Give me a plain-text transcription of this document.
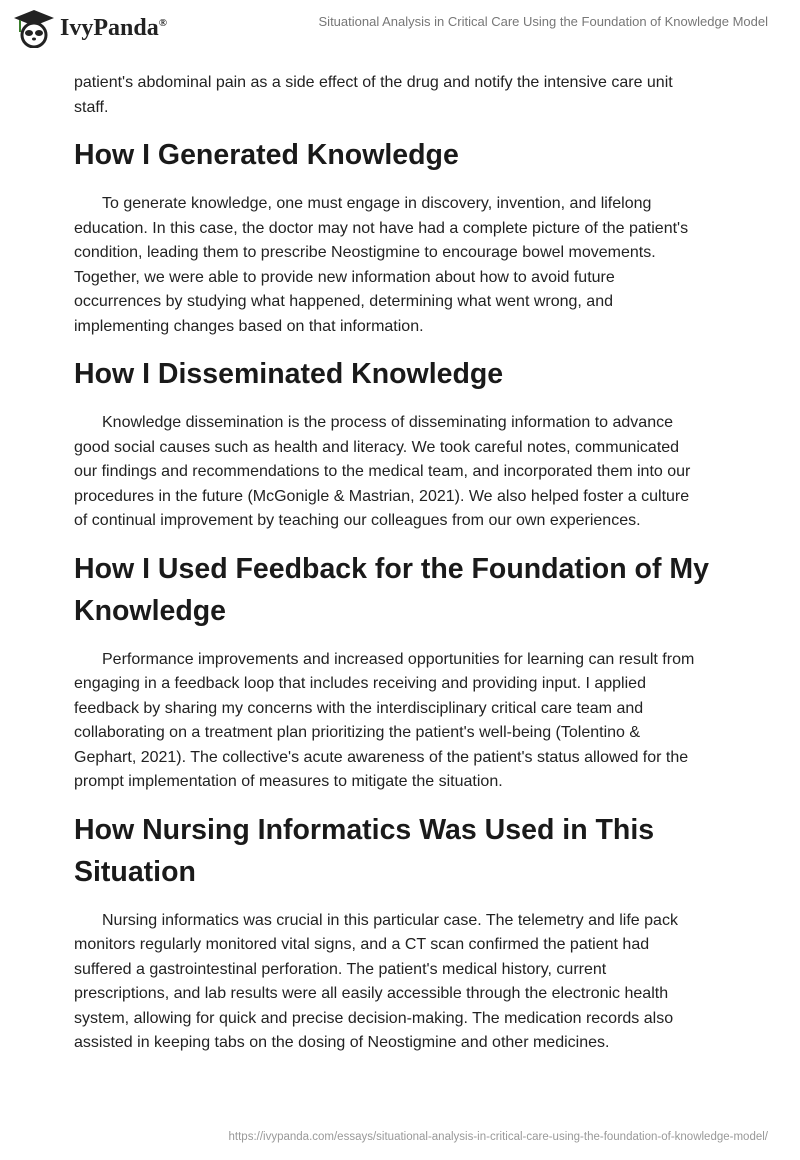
IvyPanda®	Situational Analysis in Critical Care Using the Foundation of Knowledge Model
patient's abdominal pain as a side effect of the drug and notify the intensive care unit
staff.
How I Generated Knowledge
To generate knowledge, one must engage in discovery, invention, and lifelong
education. In this case, the doctor may not have had a complete picture of the patient's
condition, leading them to prescribe Neostigmine to encourage bowel movements.
Together, we were able to provide new information about how to avoid future
occurrences by studying what happened, determining what went wrong, and
implementing changes based on that information.
How I Disseminated Knowledge
Knowledge dissemination is the process of disseminating information to advance
good social causes such as health and literacy. We took careful notes, communicated
our findings and recommendations to the medical team, and incorporated them into our
procedures in the future (McGonigle & Mastrian, 2021). We also helped foster a culture
of continual improvement by teaching our colleagues from our own experiences.
How I Used Feedback for the Foundation of My Knowledge
Performance improvements and increased opportunities for learning can result from
engaging in a feedback loop that includes receiving and providing input. I applied
feedback by sharing my concerns with the interdisciplinary critical care team and
collaborating on a treatment plan prioritizing the patient's well-being (Tolentino &
Gephart, 2021). The collective's acute awareness of the patient's status allowed for the
prompt implementation of measures to mitigate the situation.
How Nursing Informatics Was Used in This Situation
Nursing informatics was crucial in this particular case. The telemetry and life pack
monitors regularly monitored vital signs, and a CT scan confirmed the patient had
suffered a gastrointestinal perforation. The patient's medical history, current
prescriptions, and lab results were all easily accessible through the electronic health
system, allowing for quick and precise decision-making. The medication records also
assisted in keeping tabs on the dosing of Neostigmine and other medicines.
https://ivypanda.com/essays/situational-analysis-in-critical-care-using-the-foundation-of-knowledge-model/
